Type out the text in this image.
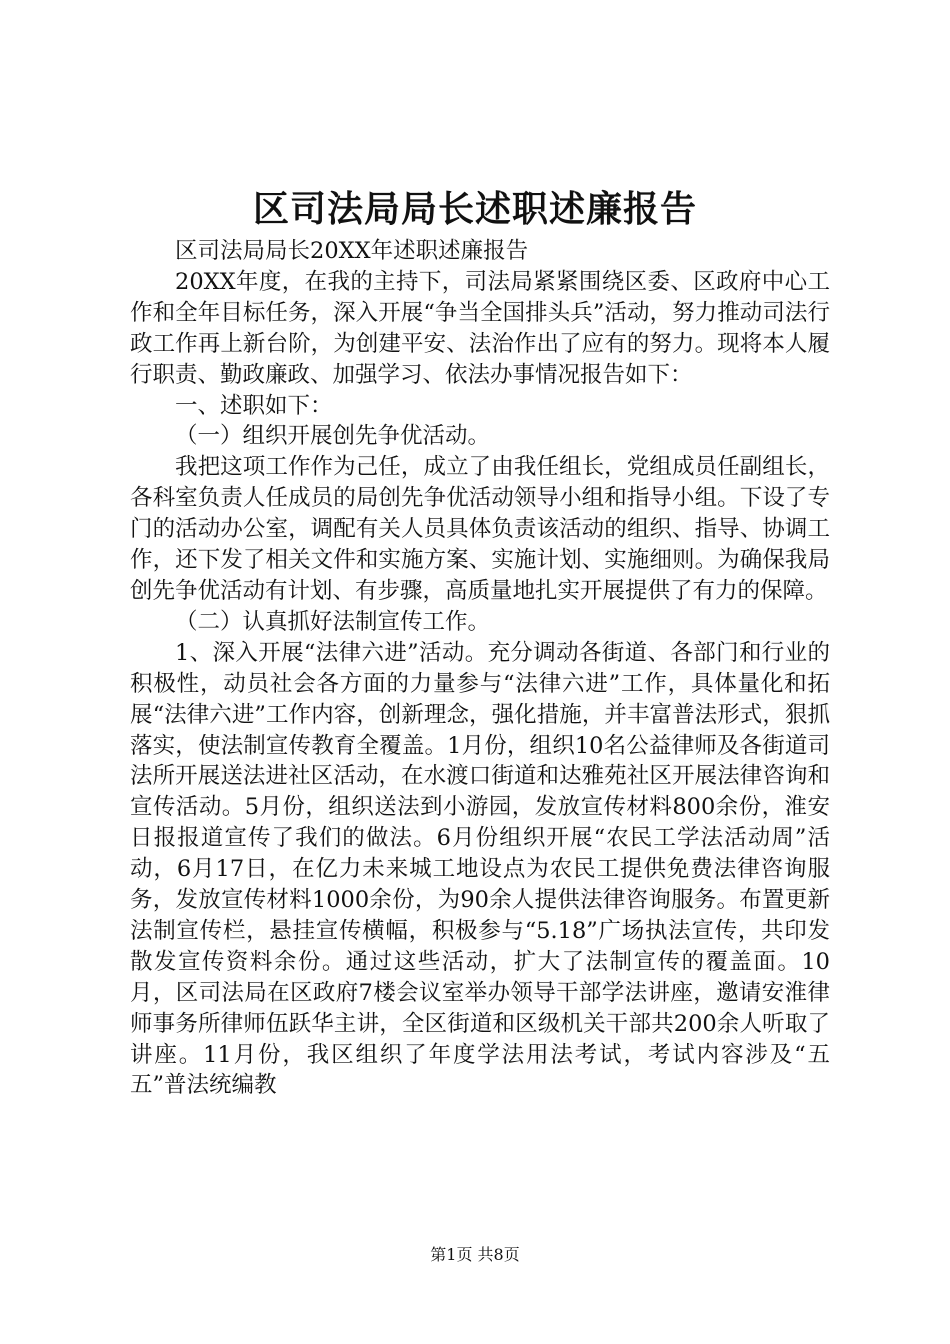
区司法局局长述职述廉报告

区司法局局长20XX年述职述廉报告

20XX年度，在我的主持下，司法局紧紧围绕区委、区政府中心工作和全年目标任务，深入开展“争当全国排头兵”活动，努力推动司法行政工作再上新台阶，为创建平安、法治作出了应有的努力。现将本人履行职责、勤政廉政、加强学习、依法办事情况报告如下：

一、述职如下：

（一）组织开展创先争优活动。

我把这项工作作为己任，成立了由我任组长，党组成员任副组长，各科室负责人任成员的局创先争优活动领导小组和指导小组。下设了专门的活动办公室，调配有关人员具体负责该活动的组织、指导、协调工作，还下发了相关文件和实施方案、实施计划、实施细则。为确保我局创先争优活动有计划、有步骤，高质量地扎实开展提供了有力的保障。

（二）认真抓好法制宣传工作。

1、深入开展“法律六进”活动。充分调动各街道、各部门和行业的积极性，动员社会各方面的力量参与“法律六进”工作，具体量化和拓展“法律六进”工作内容，创新理念，强化措施，并丰富普法形式，狠抓落实，使法制宣传教育全覆盖。1月份，组织10名公益律师及各街道司法所开展送法进社区活动，在水渡口街道和达雅苑社区开展法律咨询和宣传活动。5月份，组织送法到小游园，发放宣传材料800余份，淮安日报报道宣传了我们的做法。6月份组织开展“农民工学法活动周”活动，6月17日，在亿力未来城工地设点为农民工提供免费法律咨询服务，发放宣传材料1000余份，为90余人提供法律咨询服务。布置更新法制宣传栏，悬挂宣传横幅，积极参与“5.18”广场执法宣传，共印发散发宣传资料余份。通过这些活动，扩大了法制宣传的覆盖面。10月，区司法局在区政府7楼会议室举办领导干部学法讲座，邀请安淮律师事务所律师伍跃华主讲，全区街道和区级机关干部共200余人听取了讲座。11月份，我区组织了年度学法用法考试，考试内容涉及“五五”普法统编教

第1页 共8页
